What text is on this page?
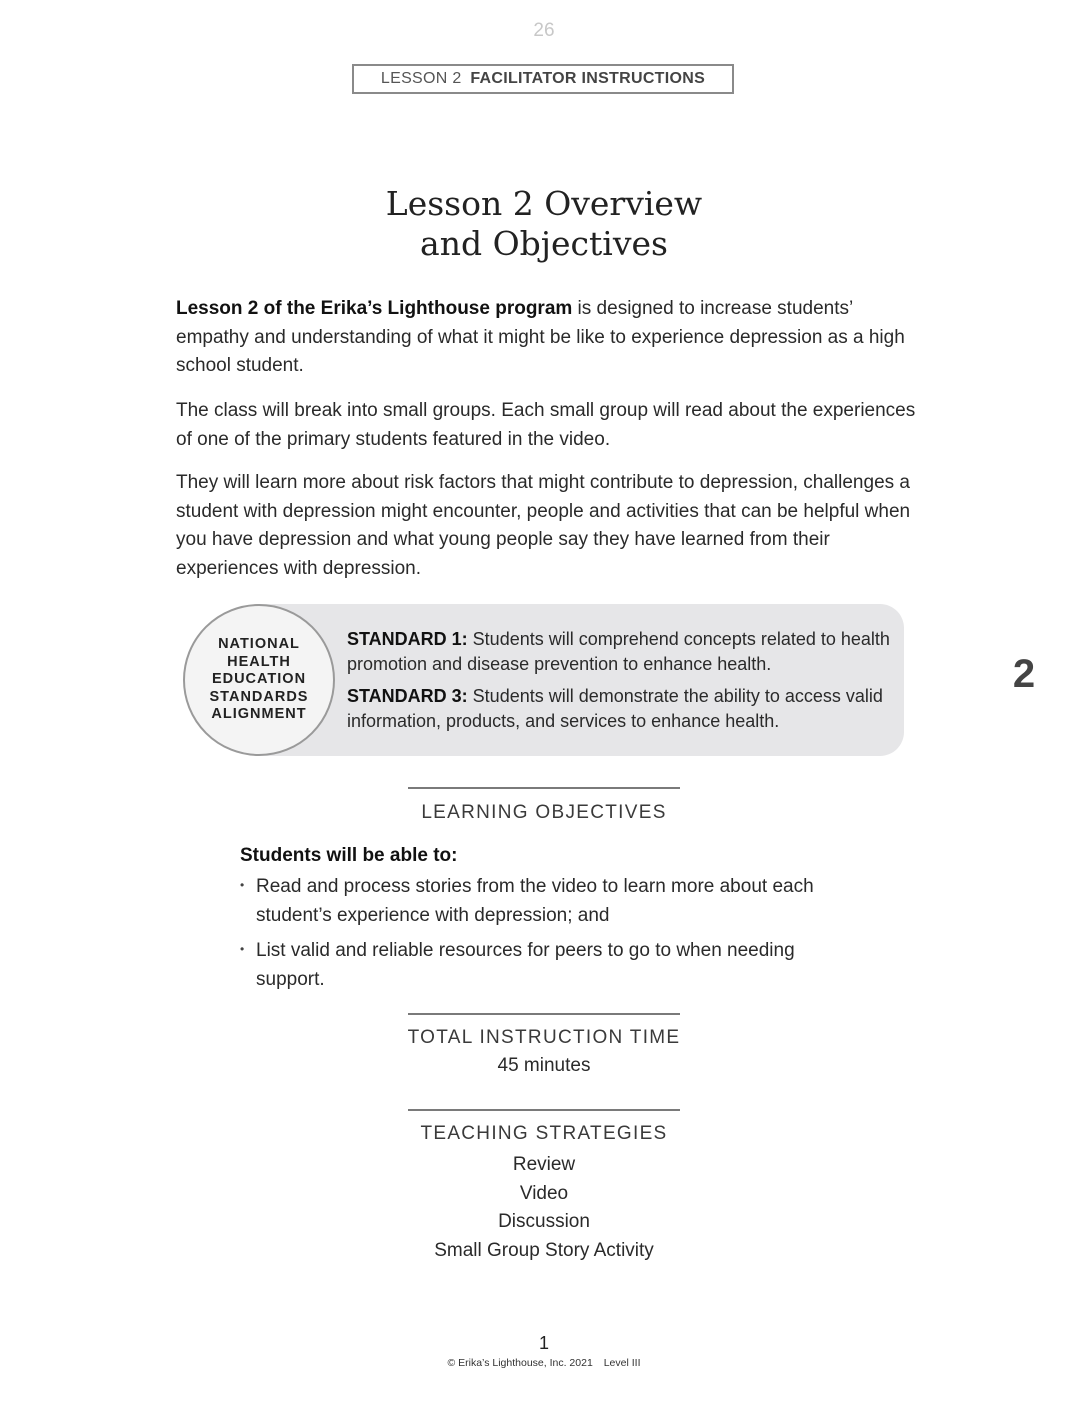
26
LESSON 2 FACILITATOR INSTRUCTIONS
Lesson 2 Overview
and Objectives

Lesson 2 of the Erika’s Lighthouse program is designed to increase students’ empathy and understanding of what it might be like to experience depression as a high school student.

The class will break into small groups. Each small group will read about the experiences of one of the primary students featured in the video.

They will learn more about risk factors that might contribute to depression, challenges a student with depression might encounter, people and activities that can be helpful when you have depression and what young people say they have learned from their experiences with depression.

NATIONAL
HEALTH
EDUCATION
STANDARDS
ALIGNMENT

STANDARD 1: Students will comprehend concepts related to health promotion and disease prevention to enhance health.

STANDARD 3: Students will demonstrate the ability to access valid information, products, and services to enhance health.

2
LEARNING OBJECTIVES
Students will be able to:
• Read and process stories from the video to learn more about each student’s experience with depression; and
• List valid and reliable resources for peers to go to when needing support.
TOTAL INSTRUCTION TIME
45 minutes
TEACHING STRATEGIES
Review
Video
Discussion
Small Group Story Activity
1
© Erika’s Lighthouse, Inc. 2021 Level III
